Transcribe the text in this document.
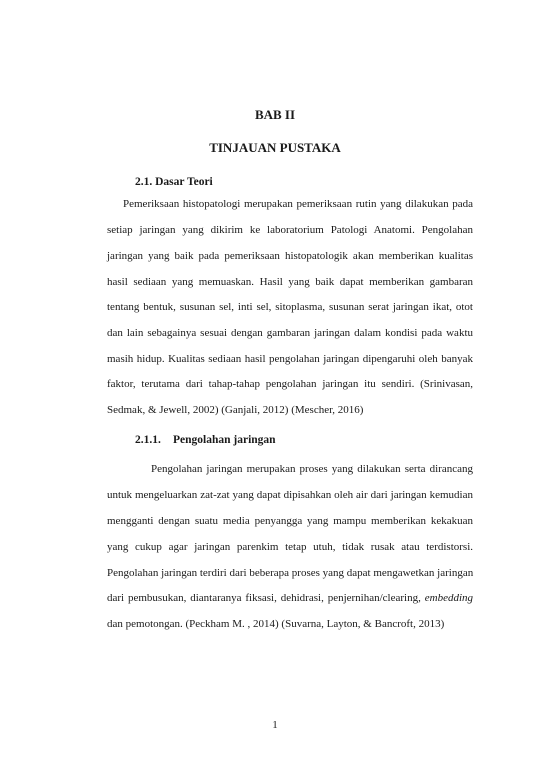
BAB II
TINJAUAN PUSTAKA
2.1. Dasar Teori

Pemeriksaan histopatologi merupakan pemeriksaan rutin yang dilakukan pada

setiap jaringan yang dikirim ke laboratorium Patologi Anatomi. Pengolahan

jaringan yang baik pada pemeriksaan histopatologik akan memberikan kualitas

hasil sediaan yang memuaskan. Hasil yang baik dapat memberikan gambaran

tentang bentuk, susunan sel, inti sel, sitoplasma, susunan serat jaringan ikat, otot

dan lain sebagainya sesuai dengan gambaran jaringan dalam kondisi pada waktu

masih hidup. Kualitas sediaan hasil pengolahan jaringan dipengaruhi oleh banyak

faktor, terutama dari tahap-tahap pengolahan jaringan itu sendiri. (Srinivasan,

Sedmak, & Jewell, 2002) (Ganjali, 2012) (Mescher, 2016)

2.1.1. Pengolahan jaringan

Pengolahan jaringan merupakan proses yang dilakukan serta dirancang

untuk mengeluarkan zat-zat yang dapat dipisahkan oleh air dari jaringan kemudian

mengganti dengan suatu media penyangga yang mampu memberikan kekakuan

yang cukup agar jaringan parenkim tetap utuh, tidak rusak atau terdistorsi.

Pengolahan jaringan terdiri dari beberapa proses yang dapat mengawetkan jaringan

dari pembusukan, diantaranya fiksasi, dehidrasi, penjernihan/clearing, embedding

dan pemotongan. (Peckham M. , 2014) (Suvarna, Layton, & Bancroft, 2013)

1
